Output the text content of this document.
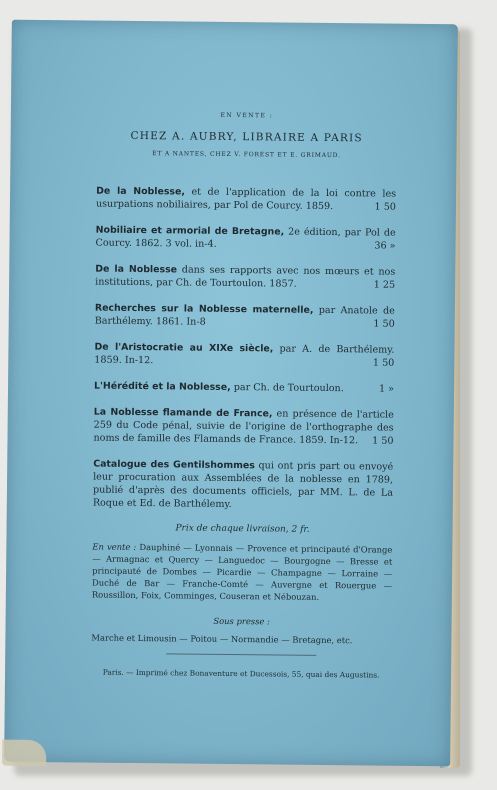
EN VENTE :
CHEZ A. AUBRY, LIBRAIRE A PARIS
ET A NANTES, CHEZ V. FOREST ET E. GRIMAUD.
De la Noblesse, et de l'application de la loi contre les usurpations nobiliaires, par Pol de Courcy. 1859.	1 50
Nobiliaire et armorial de Bretagne, 2e édition, par Pol de Courcy. 1862. 3 vol. in-4.	36 »
De la Noblesse dans ses rapports avec nos mœurs et nos institutions, par Ch. de Tourtoulon. 1857.	1 25
Recherches sur la Noblesse maternelle, par Anatole de Barthélemy. 1861. In-8	1 50
De l'Aristocratie au XIXe siècle, par A. de Barthélemy. 1859. In-12.	1 50
L'Hérédité et la Noblesse, par Ch. de Tourtoulon.	1 »
La Noblesse flamande de France, en présence de l'article 259 du Code pénal, suivie de l'origine de l'orthographe des noms de famille des Flamands de France. 1859. In-12. 1 50
Catalogue des Gentilshommes qui ont pris part ou envoyé leur procuration aux Assemblées de la noblesse en 1789, publié d'après des documents officiels, par MM. L. de La Roque et Ed. de Barthélemy.
Prix de chaque livraison, 2 fr.
En vente : Dauphiné — Lyonnais — Provence et principauté d'Orange — Armagnac et Quercy — Languedoc — Bourgogne — Bresse et principauté de Dombes — Picardie — Champagne — Lorraine — Duché de Bar — Franche-Comté — Auvergne et Rouergue — Roussillon, Foix, Comminges, Couseran et Nébouzan.
Sous presse :
Marche et Limousin — Poitou — Normandie — Bretagne, etc.
Paris. — Imprimé chez Bonaventure et Ducessois, 55, quai des Augustins.
